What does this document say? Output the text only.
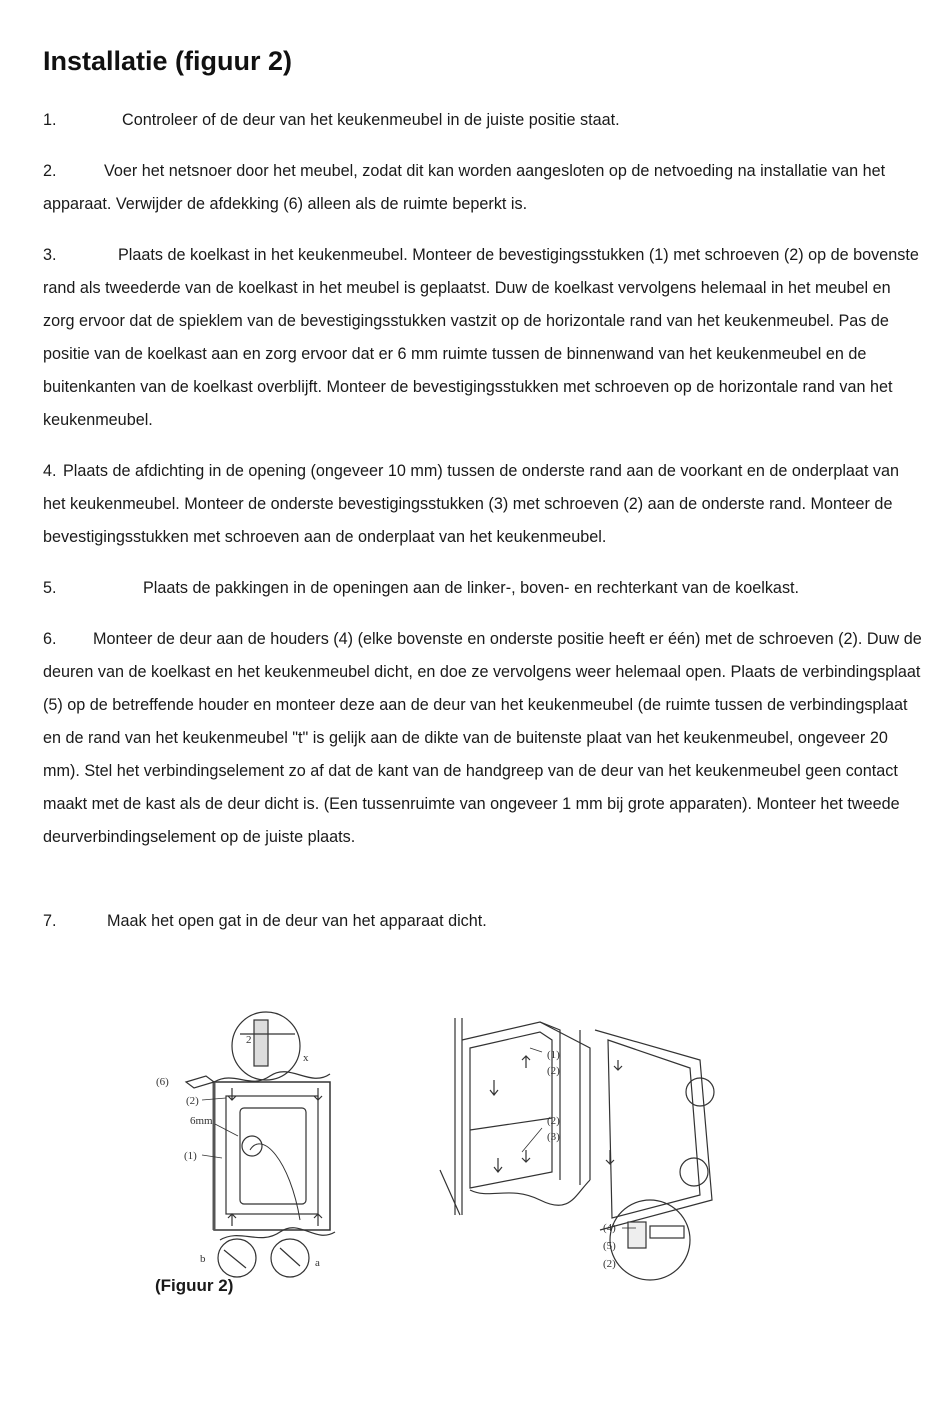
Installatie (figuur 2)

1.	Controleer of de deur van het keukenmeubel in de juiste positie staat.

2.	Voer het netsnoer door het meubel, zodat dit kan worden aangesloten op de netvoeding na installatie van het apparaat. Verwijder de afdekking (6) alleen als de ruimte beperkt is.

3.	Plaats de koelkast in het keukenmeubel. Monteer de bevestigingsstukken (1) met schroeven (2) op de bovenste rand als tweederde van de koelkast in het meubel is geplaatst. Duw de koelkast vervolgens helemaal in het meubel en zorg ervoor dat de spieklem van de bevestigingsstukken vastzit op de horizontale rand van het keukenmeubel. Pas de positie van de koelkast aan en zorg ervoor dat er 6 mm ruimte tussen de binnenwand van het keukenmeubel en de buitenkanten van de koelkast overblijft. Monteer de bevestigingsstukken met schroeven op de horizontale rand van het keukenmeubel.

4. Plaats de afdichting in de opening (ongeveer 10 mm) tussen de onderste rand aan de voorkant en de onderplaat van het keukenmeubel. Monteer de onderste bevestigingsstukken (3) met schroeven (2) aan de onderste rand. Monteer de bevestigingsstukken met schroeven aan de onderplaat van het keukenmeubel.

5.	Plaats de pakkingen in de openingen aan de linker-, boven- en rechterkant van de koelkast.

6. Monteer de deur aan de houders (4) (elke bovenste en onderste positie heeft er één) met de schroeven (2). Duw de deuren van de koelkast en het keukenmeubel dicht, en doe ze vervolgens weer helemaal open. Plaats de verbindingsplaat (5) op de betreffende houder en monteer deze aan de deur van het keukenmeubel (de ruimte tussen de verbindingsplaat en de rand van het keukenmeubel "t" is gelijk aan de dikte van de buitenste plaat van het keukenmeubel, ongeveer 20 mm). Stel het verbindingselement zo af dat de kant van de handgreep van de deur van het keukenmeubel geen contact maakt met de kast als de deur dicht is. (Een tussenruimte van ongeveer 1 mm bij grote apparaten). Monteer het tweede deurverbindingselement op de juiste plaats.

7.	Maak het open gat in de deur van het apparaat dicht.

(6)
(2)
6mm
(1)
x
2
b	a
(1)
(2)
(2)
(3)
(4)
(5)
(2)

(Figuur 2)
